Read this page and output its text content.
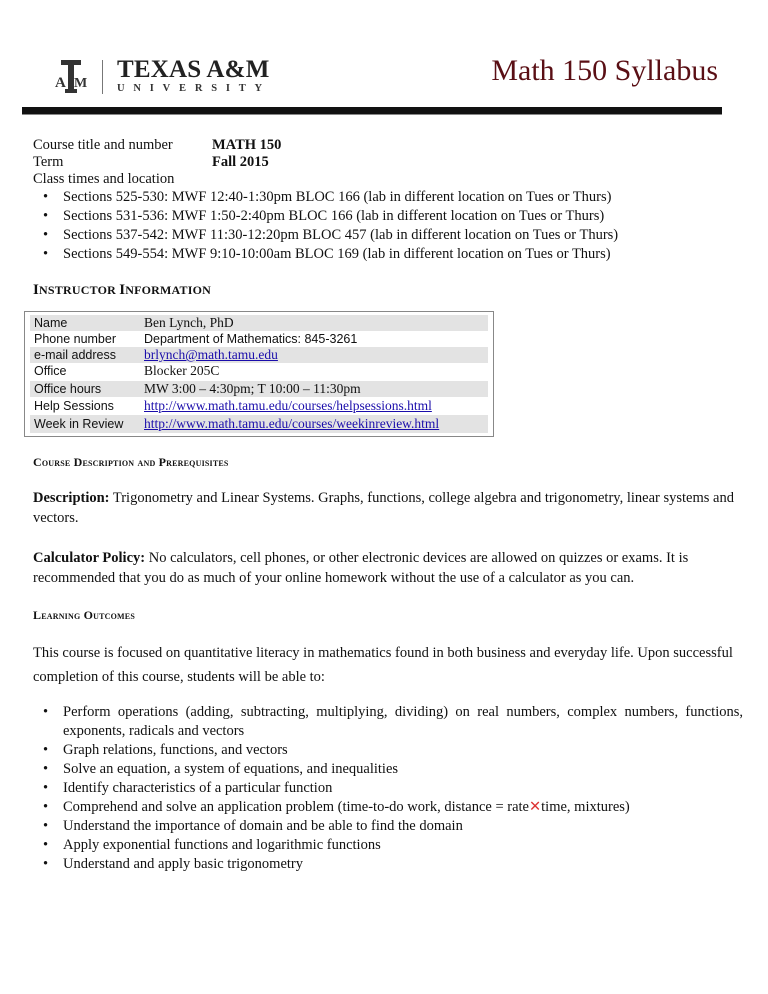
A M
TEXAS A&M
UNIVERSITY
Math 150 Syllabus
Course title and number	MATH 150
Term	Fall 2015
Class times and location
• Sections 525-530: MWF 12:40-1:30pm BLOC 166 (lab in different location on Tues or Thurs)
• Sections 531-536: MWF 1:50-2:40pm BLOC 166 (lab in different location on Tues or Thurs)
• Sections 537-542: MWF 11:30-12:20pm BLOC 457 (lab in different location on Tues or Thurs)
• Sections 549-554: MWF 9:10-10:00am BLOC 169 (lab in different location on Tues or Thurs)
INSTRUCTOR INFORMATION
Name	Ben Lynch, PhD
Phone number	Department of Mathematics: 845-3261
e-mail address	brlynch@math.tamu.edu
Office	Blocker 205C
Office hours	MW 3:00 – 4:30pm; T 10:00 – 11:30pm
Help Sessions	http://www.math.tamu.edu/courses/helpsessions.html
Week in Review	http://www.math.tamu.edu/courses/weekinreview.html
Course Description and Prerequisites

Description: Trigonometry and Linear Systems. Graphs, functions, college algebra and trigonometry, linear systems and vectors.

Calculator Policy: No calculators, cell phones, or other electronic devices are allowed on quizzes or exams. It is recommended that you do as much of your online homework without the use of a calculator as you can.

Learning Outcomes

This course is focused on quantitative literacy in mathematics found in both business and everyday life. Upon successful completion of this course, students will be able to:

• Perform operations (adding, subtracting, multiplying, dividing) on real numbers, complex numbers, functions, exponents, radicals and vectors
• Graph relations, functions, and vectors
• Solve an equation, a system of equations, and inequalities
• Identify characteristics of a particular function
• Comprehend and solve an application problem (time-to-do work, distance = rate✕time, mixtures)
• Understand the importance of domain and be able to find the domain
• Apply exponential functions and logarithmic functions
• Understand and apply basic trigonometry
